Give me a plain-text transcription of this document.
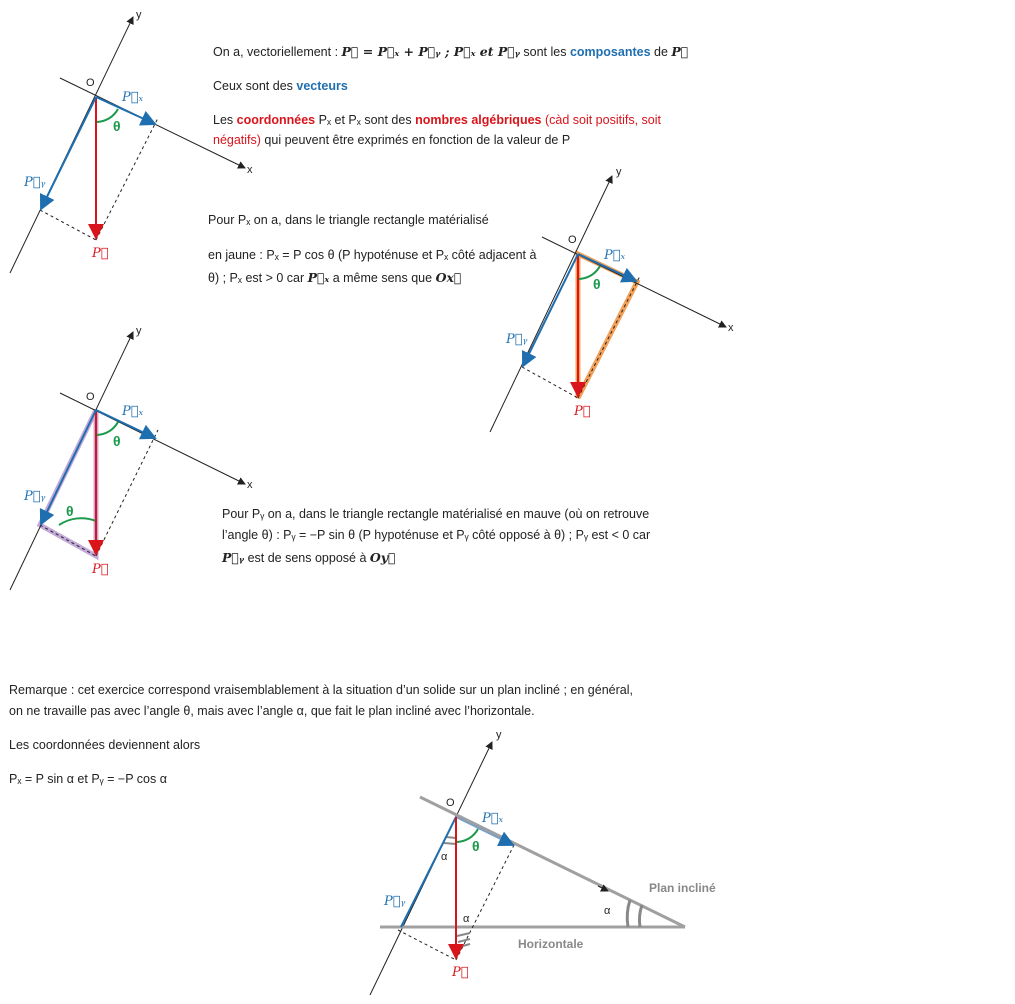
y
x
O
P⃗ₓ
P⃗ᵧ
P⃗
θ
y
x
O
P⃗ₓ
P⃗ᵧ
P⃗
θ
y
x
O
P⃗ₓ
P⃗ᵧ
P⃗
θ
θ
y
O
P⃗ₓ
P⃗ᵧ
P⃗
θ
α
α
α
Plan incliné
Horizontale
On a, vectoriellement : P⃗ = P⃗ₓ + P⃗ᵧ ; P⃗ₓ et P⃗ᵧ sont les composantes de P⃗
Ceux sont des vecteurs
Les coordonnées Pₓ et Pₓ sont des nombres algébriques (càd soit positifs, soit
négatifs) qui peuvent être exprimés en fonction de la valeur de P
Pour Pₓ on a, dans le triangle rectangle matérialisé
en jaune : Pₓ = P cos θ (P hypoténuse et Pₓ côté adjacent à
θ) ; Pₓ est > 0 car P⃗ₓ a même sens que Ox⃗
Pour Pᵧ on a, dans le triangle rectangle matérialisé en mauve (où on retrouve
l’angle θ) : Pᵧ = −P sin θ (P hypoténuse et Pᵧ côté opposé à θ) ; Pᵧ est < 0 car
P⃗ᵧ est de sens opposé à Oy⃗
Remarque : cet exercice correspond vraisemblablement à la situation d’un solide sur un plan incliné ; en général,
on ne travaille pas avec l’angle θ, mais avec l’angle α, que fait le plan incliné avec l’horizontale.
Les coordonnées deviennent alors
Pₓ = P sin α et Pᵧ = −P cos α
